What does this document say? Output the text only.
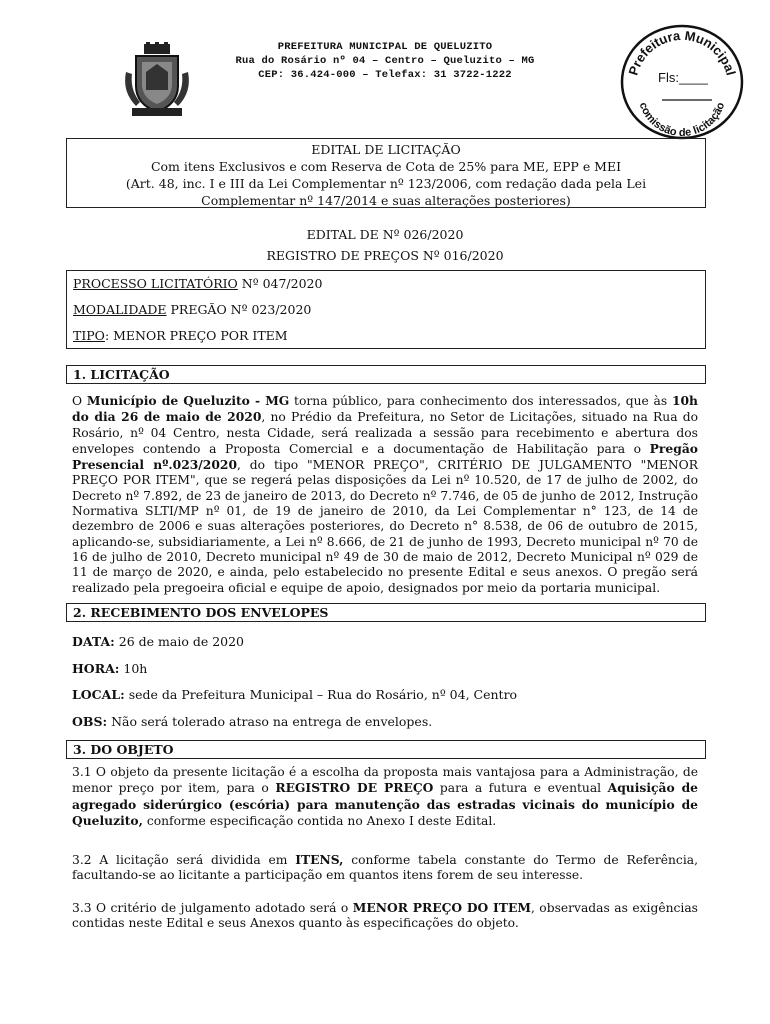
PREFEITURA MUNICIPAL DE QUELUZITO
Rua do Rosário nº 04 – Centro – Queluzito – MG
CEP: 36.424-000 – Telefax: 31 3722-1222	Prefeitura Municipal
comissão de licitação
Fls:____
EDITAL DE LICITAÇÃO
Com itens Exclusivos e com Reserva de Cota de 25% para ME, EPP e MEI
(Art. 48, inc. I e III da Lei Complementar nº 123/2006, com redação dada pela Lei
Complementar nº 147/2014 e suas alterações posteriores)
EDITAL DE Nº 026/2020
REGISTRO DE PREÇOS Nº 016/2020

PROCESSO LICITATÓRIO Nº 047/2020

MODALIDADE PREGÃO Nº 023/2020

TIPO: MENOR PREÇO POR ITEM

1. LICITAÇÃO

O Município de Queluzito - MG torna público, para conhecimento dos interessados, que às 10h do dia 26 de maio de 2020, no Prédio da Prefeitura, no Setor de Licitações, situado na Rua do Rosário, nº 04 Centro, nesta Cidade, será realizada a sessão para recebimento e abertura dos envelopes contendo a Proposta Comercial e a documentação de Habilitação para o Pregão Presencial nº.023/2020, do tipo "MENOR PREÇO", CRITÉRIO DE JULGAMENTO "MENOR PREÇO POR ITEM", que se regerá pelas disposições da Lei nº 10.520, de 17 de julho de 2002, do Decreto nº 7.892, de 23 de janeiro de 2013, do Decreto nº 7.746, de 05 de junho de 2012, Instrução Normativa SLTI/MP nº 01, de 19 de janeiro de 2010, da Lei Complementar n° 123, de 14 de dezembro de 2006 e suas alterações posteriores, do Decreto n° 8.538, de 06 de outubro de 2015, aplicando-se, subsidiariamente, a Lei nº 8.666, de 21 de junho de 1993, Decreto municipal nº 70 de 16 de julho de 2010, Decreto municipal nº 49 de 30 de maio de 2012, Decreto Municipal nº 029 de 11 de março de 2020, e ainda, pelo estabelecido no presente Edital e seus anexos. O pregão será realizado pela pregoeira oficial e equipe de apoio, designados por meio da portaria municipal.

2. RECEBIMENTO DOS ENVELOPES

DATA: 26 de maio de 2020

HORA: 10h

LOCAL: sede da Prefeitura Municipal – Rua do Rosário, nº 04, Centro

OBS: Não será tolerado atraso na entrega de envelopes.

3. DO OBJETO

3.1 O objeto da presente licitação é a escolha da proposta mais vantajosa para a Administração, de menor preço por item, para o REGISTRO DE PREÇO para a futura e eventual Aquisição de agregado siderúrgico (escória) para manutenção das estradas vicinais do município de Queluzito, conforme especificação contida no Anexo I deste Edital.

3.2 A licitação será dividida em ITENS, conforme tabela constante do Termo de Referência, facultando-se ao licitante a participação em quantos itens forem de seu interesse.

3.3 O critério de julgamento adotado será o MENOR PREÇO DO ITEM, observadas as exigências contidas neste Edital e seus Anexos quanto às especificações do objeto.
